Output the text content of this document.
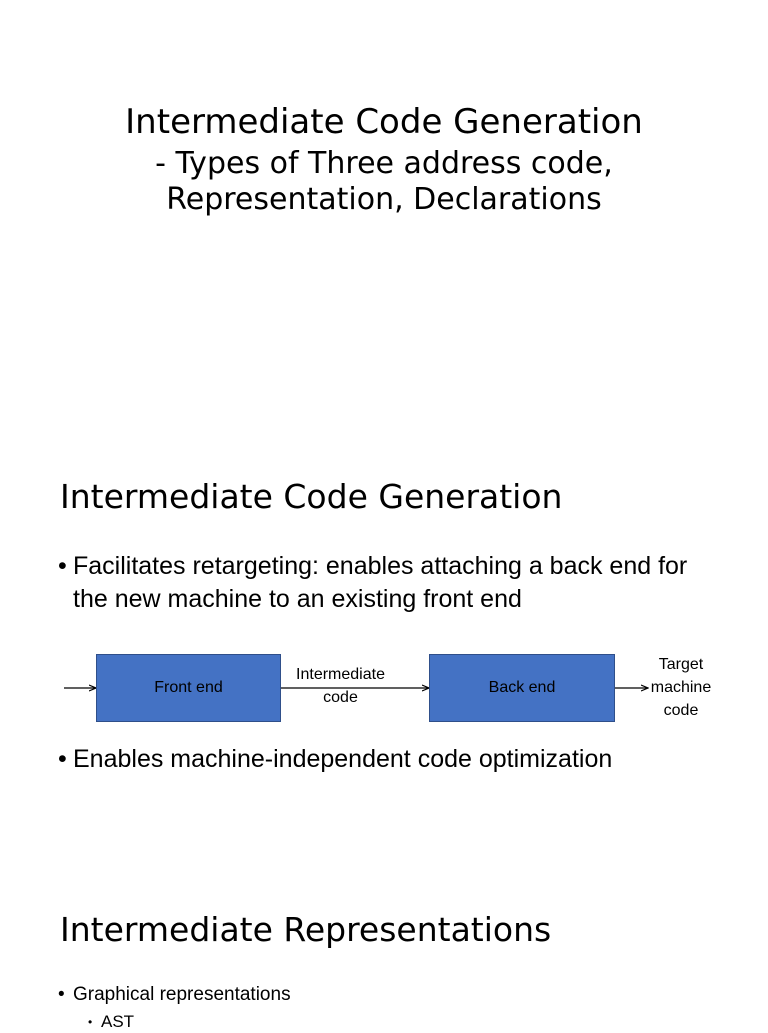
Intermediate Code Generation
- Types of Three address code,
Representation, Declarations
Intermediate Code Generation
• Facilitates retargeting: enables attaching a back end for the new machine to an existing front end
Front end
Intermediate
code
Back end
Target
machine
code
• Enables machine-independent code optimization
Intermediate Representations
• Graphical representations
• AST
